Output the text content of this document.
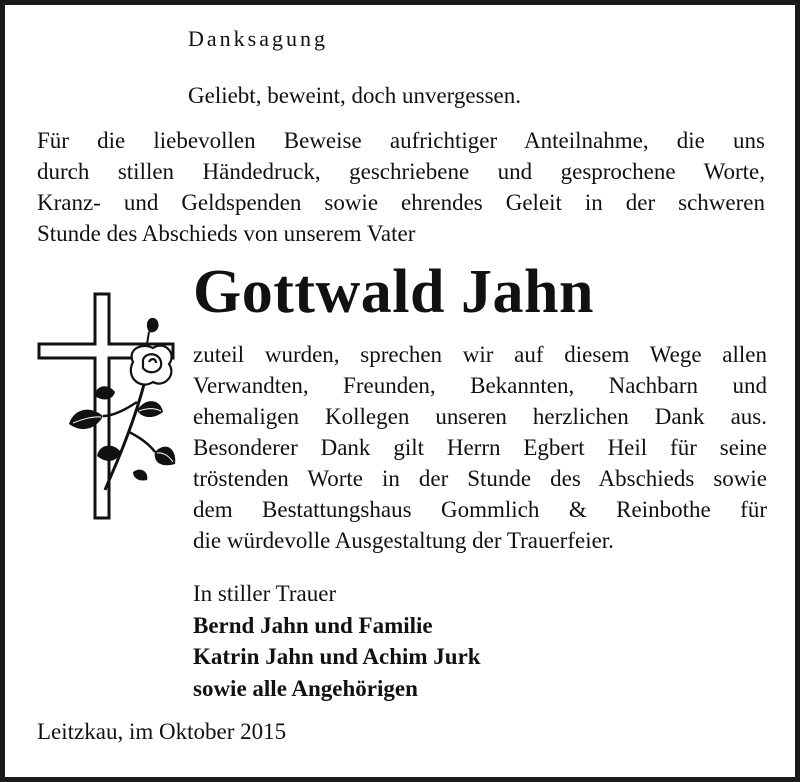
Danksagung
Geliebt, beweint, doch unvergessen.
Für die liebevollen Beweise aufrichtiger Anteilnahme, die uns
durch stillen Händedruck, geschriebene und gesprochene Worte,
Kranz- und Geldspenden sowie ehrendes Geleit in der schweren
Stunde des Abschieds von unserem Vater
Gottwald Jahn
zuteil wurden, sprechen wir auf diesem Wege allen
Verwandten, Freunden, Bekannten, Nachbarn und
ehemaligen Kollegen unseren herzlichen Dank aus.
Besonderer Dank gilt Herrn Egbert Heil für seine
tröstenden Worte in der Stunde des Abschieds sowie
dem Bestattungshaus Gommlich & Reinbothe für
die würdevolle Ausgestaltung der Trauerfeier.
In stiller Trauer
Bernd Jahn und Familie
Katrin Jahn und Achim Jurk
sowie alle Angehörigen
Leitzkau, im Oktober 2015
